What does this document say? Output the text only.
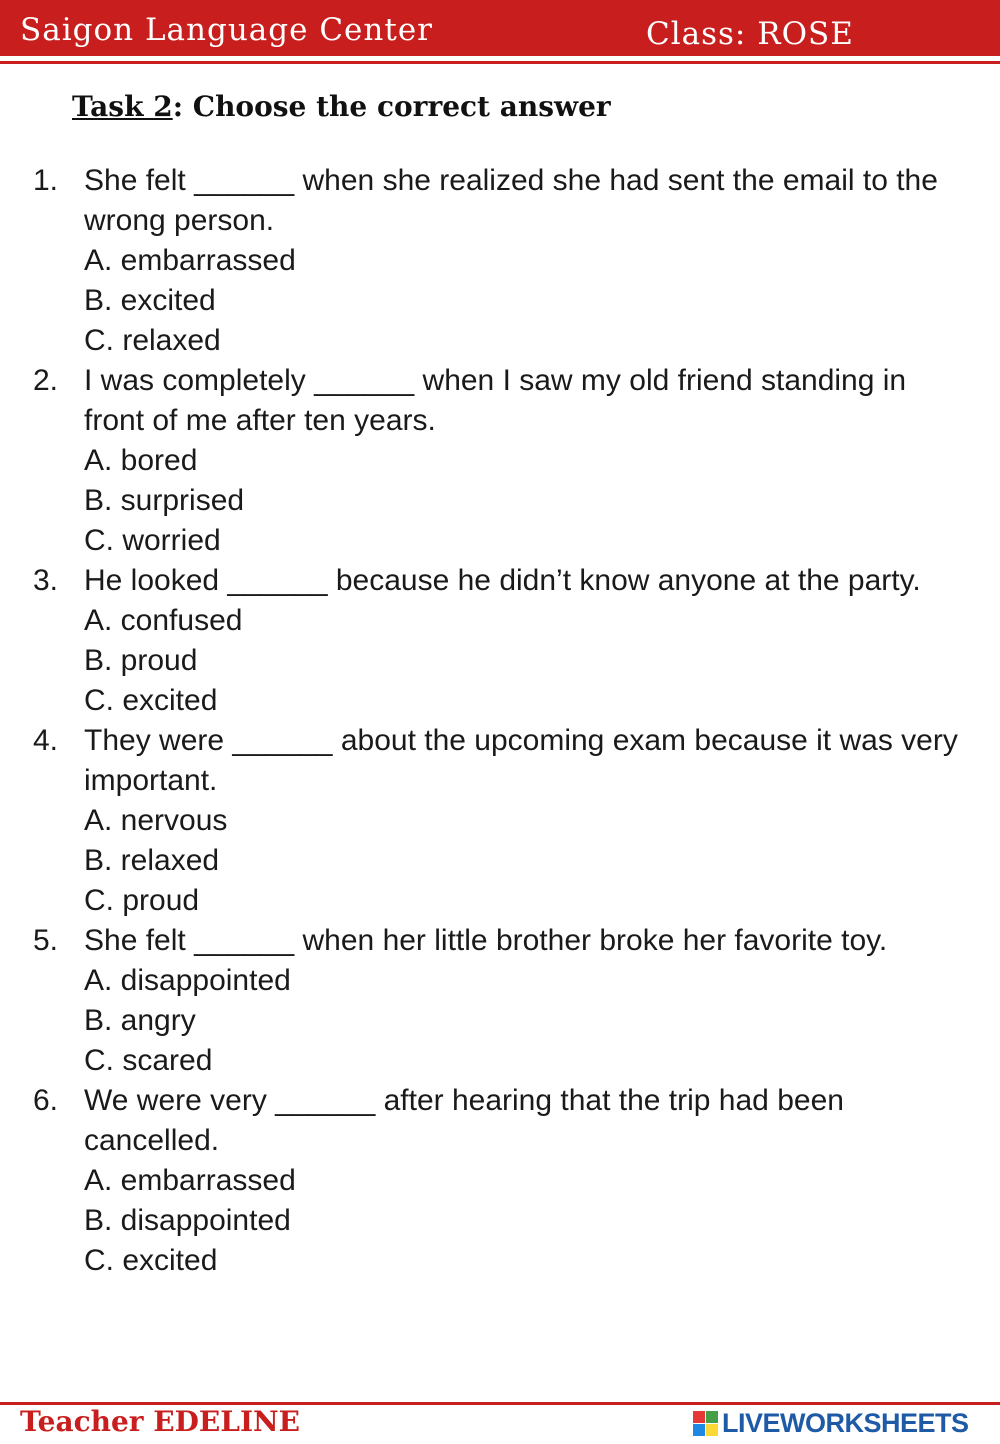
Saigon Language Center	Class: ROSE
Task 2: Choose the correct answer
1. She felt ______ when she realized she had sent the email to the wrong person.
A. embarrassed
B. excited
C. relaxed
2. I was completely ______ when I saw my old friend standing in front of me after ten years.
A. bored
B. surprised
C. worried
3. He looked ______ because he didn’t know anyone at the party.
A. confused
B. proud
C. excited
4. They were ______ about the upcoming exam because it was very important.
A. nervous
B. relaxed
C. proud
5. She felt ______ when her little brother broke her favorite toy.
A. disappointed
B. angry
C. scared
6. We were very ______ after hearing that the trip had been cancelled.
A. embarrassed
B. disappointed
C. excited
Teacher EDELINE	LIVEWORKSHEETS
